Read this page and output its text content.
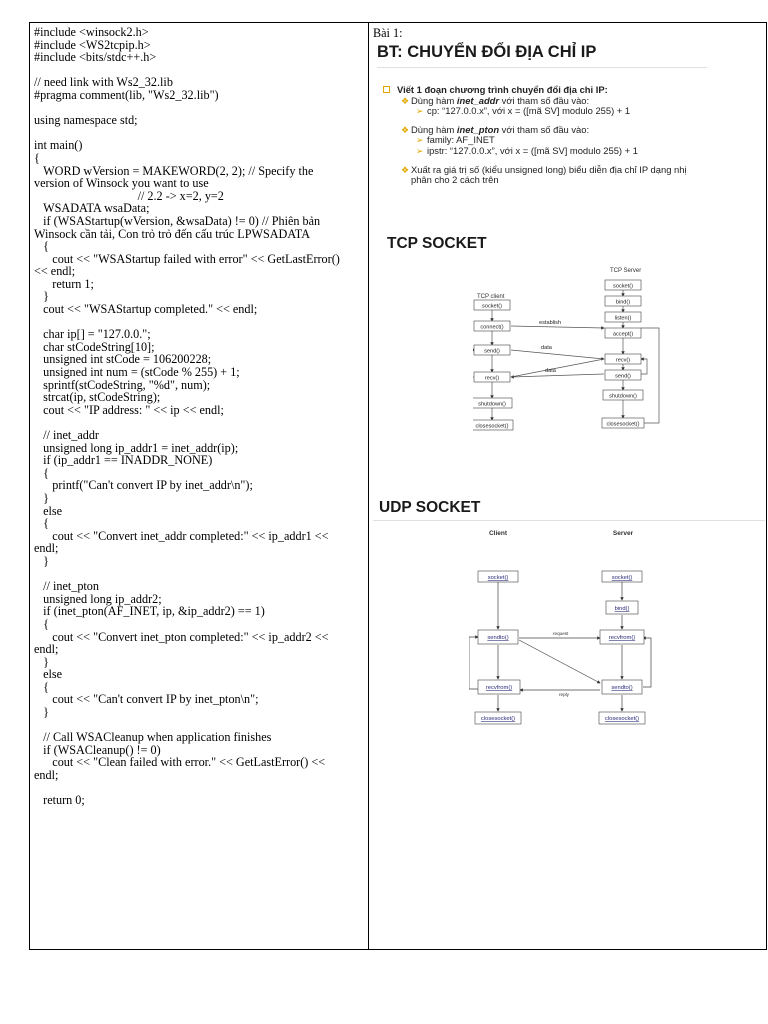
#include <winsock2.h>
#include <WS2tcpip.h>
#include <bits/stdc++.h>
// need link with Ws2_32.lib
#pragma comment(lib, "Ws2_32.lib")
using namespace std;
int main()
{
WORD wVersion = MAKEWORD(2, 2); // Specify the
version of Winsock you want to use
// 2.2 -> x=2, y=2
WSADATA wsaData;
if (WSAStartup(wVersion, &wsaData) != 0) // Phiên bản
Winsock cần tải, Con trỏ trỏ đến cấu trúc LPWSADATA
{
cout << "WSAStartup failed with error" << GetLastError()
<< endl;
return 1;
}
cout << "WSAStartup completed." << endl;
char ip[] = "127.0.0.";
char stCodeString[10];
unsigned int stCode = 106200228;
unsigned int num = (stCode % 255) + 1;
sprintf(stCodeString, "%d", num);
strcat(ip, stCodeString);
cout << "IP address: " << ip << endl;
// inet_addr
unsigned long ip_addr1 = inet_addr(ip);
if (ip_addr1 == INADDR_NONE)
{
printf("Can't convert IP by inet_addr\n");
}
else
{
cout << "Convert inet_addr completed:" << ip_addr1 <<
endl;
}
// inet_pton
unsigned long ip_addr2;
if (inet_pton(AF_INET, ip, &ip_addr2) == 1)
{
cout << "Convert inet_pton completed:" << ip_addr2 <<
endl;
}
else
{
cout << "Can't convert IP by inet_pton\n";
}
// Call WSACleanup when application finishes
if (WSACleanup() != 0)
cout << "Clean failed with error." << GetLastError() <<
endl;
return 0;
Bài 1:
BT: CHUYỂN ĐỔI ĐỊA CHỈ IP
Viết 1 đoạn chương trình chuyển đổi địa chỉ IP:
❖ Dùng hàm inet_addr với tham số đầu vào:
➢ cp: “127.0.0.x”, với x = ([mã SV] modulo 255) + 1
❖ Dùng hàm inet_pton với tham số đầu vào:
➢ family: AF_INET
➢ ipstr: “127.0.0.x”, với x = ([mã SV] modulo 255) + 1
❖ Xuất ra giá trị số (kiểu unsigned long) biểu diễn địa chỉ IP dạng nhị
phân cho 2 cách trên
TCP SOCKET
TCP Server
TCP client
socket()
bind()
listen()
accept()
recv()
send()
shutdown()
closesocket()
socket()
connect()
send()
recv()
shutdown()
closesocket()
establish
data
data
UDP SOCKET
Client	Server
socket()
sendto()
recvfrom()
closesocket()
socket()
bind()
recvfrom()
sendto()
closesocket()
request
reply
